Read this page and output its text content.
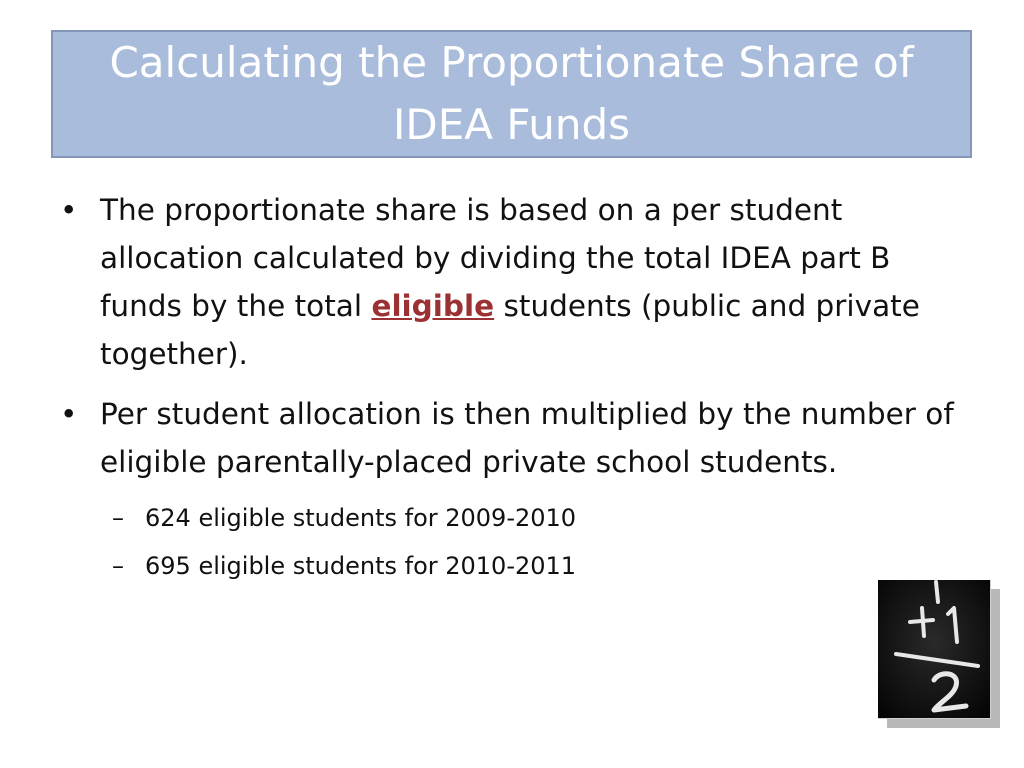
Calculating the Proportionate Share of
IDEA Funds
• The proportionate share is based on a per student allocation calculated by dividing the total IDEA part B funds by the total eligible students (public and private together).
• Per student allocation is then multiplied by the number of eligible parentally-placed private school students.
– 624 eligible students for 2009-2010
– 695 eligible students for 2010-2011
